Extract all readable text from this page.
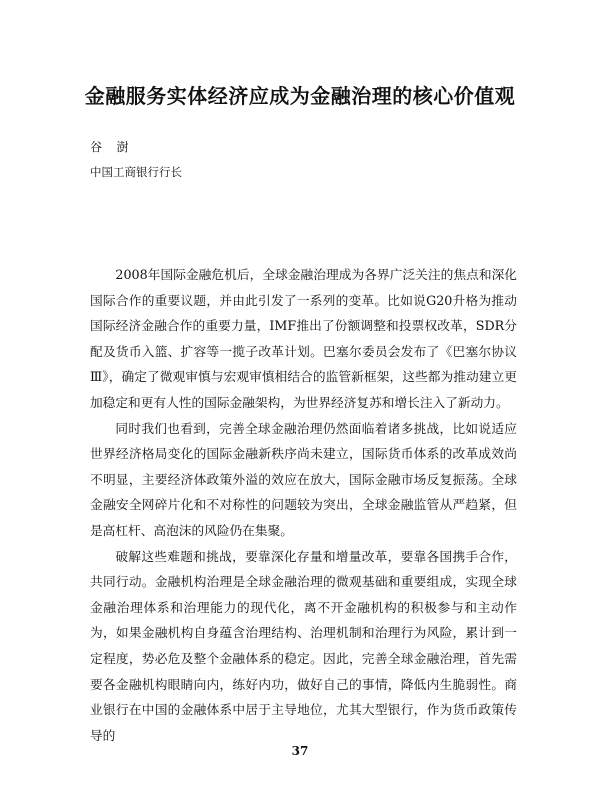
金融服务实体经济应成为金融治理的核心价值观
谷 澍
中国工商银行行长

2008年国际金融危机后，全球金融治理成为各界广泛关注的焦点和深化国际合作的重要议题，并由此引发了一系列的变革。比如说G20升格为推动国际经济金融合作的重要力量，IMF推出了份额调整和投票权改革，SDR分配及货币入篮、扩容等一揽子改革计划。巴塞尔委员会发布了《巴塞尔协议Ⅲ》，确定了微观审慎与宏观审慎相结合的监管新框架，这些都为推动建立更加稳定和更有人性的国际金融架构，为世界经济复苏和增长注入了新动力。

同时我们也看到，完善全球金融治理仍然面临着诸多挑战，比如说适应世界经济格局变化的国际金融新秩序尚未建立，国际货币体系的改革成效尚不明显，主要经济体政策外溢的效应在放大，国际金融市场反复振荡。全球金融安全网碎片化和不对称性的问题较为突出，全球金融监管从严趋紧，但是高杠杆、高泡沫的风险仍在集聚。

破解这些难题和挑战，要靠深化存量和增量改革，要靠各国携手合作，共同行动。金融机构治理是全球金融治理的微观基础和重要组成，实现全球金融治理体系和治理能力的现代化，离不开金融机构的积极参与和主动作为，如果金融机构自身蕴含治理结构、治理机制和治理行为风险，累计到一定程度，势必危及整个金融体系的稳定。因此，完善全球金融治理，首先需要各金融机构眼睛向内，练好内功，做好自己的事情，降低内生脆弱性。商业银行在中国的金融体系中居于主导地位，尤其大型银行，作为货币政策传导的

37
